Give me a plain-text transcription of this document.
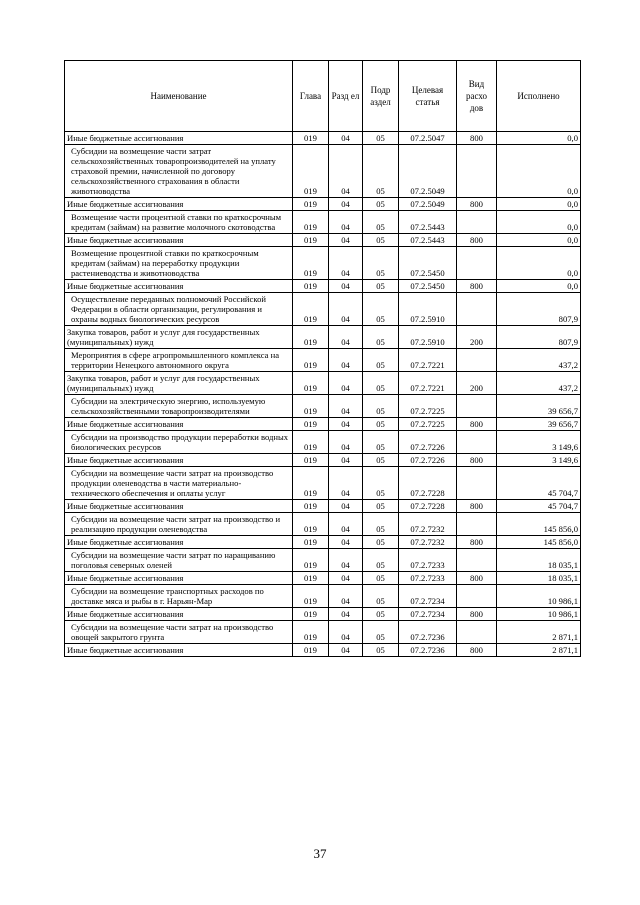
Наименование	Глава	Разд ел	Подр аздел	Целевая статья	Вид расхо дов	Исполнено
Иные бюджетные ассигнования	019	04	05	07.2.5047	800	0,0
Субсидии на возмещение части затрат сельскохозяйственных товаропроизводителей на уплату страховой премии, начисленной по договору сельскохозяйственного страхования в области животноводства	019	04	05	07.2.5049		0,0
Иные бюджетные ассигнования	019	04	05	07.2.5049	800	0,0
Возмещение части процентной ставки по краткосрочным кредитам (займам) на развитие молочного скотоводства	019	04	05	07.2.5443		0,0
Иные бюджетные ассигнования	019	04	05	07.2.5443	800	0,0
Возмещение процентной ставки по краткосрочным кредитам (займам) на переработку продукции растениеводства и животноводства	019	04	05	07.2.5450		0,0
Иные бюджетные ассигнования	019	04	05	07.2.5450	800	0,0
Осуществление переданных полномочий Российской Федерации в области организации, регулирования и охраны водных биологических ресурсов	019	04	05	07.2.5910		807,9
Закупка товаров, работ и услуг для государственных (муниципальных) нужд	019	04	05	07.2.5910	200	807,9
Мероприятия в сфере агропромышленного комплекса на территории Ненецкого автономного округа	019	04	05	07.2.7221		437,2
Закупка товаров, работ и услуг для государственных (муниципальных) нужд	019	04	05	07.2.7221	200	437,2
Субсидии на электрическую энергию, используемую сельскохозяйственными товаропроизводителями	019	04	05	07.2.7225		39 656,7
Иные бюджетные ассигнования	019	04	05	07.2.7225	800	39 656,7
Субсидии на производство продукции переработки водных биологических ресурсов	019	04	05	07.2.7226		3 149,6
Иные бюджетные ассигнования	019	04	05	07.2.7226	800	3 149,6
Субсидии на возмещение части затрат на производство продукции оленеводства в части материально-технического обеспечения и оплаты услуг	019	04	05	07.2.7228		45 704,7
Иные бюджетные ассигнования	019	04	05	07.2.7228	800	45 704,7
Субсидии на возмещение части затрат на производство и реализацию продукции оленеводства	019	04	05	07.2.7232		145 856,0
Иные бюджетные ассигнования	019	04	05	07.2.7232	800	145 856,0
Субсидии на возмещение части затрат по наращиванию поголовья северных оленей	019	04	05	07.2.7233		18 035,1
Иные бюджетные ассигнования	019	04	05	07.2.7233	800	18 035,1
Субсидии на возмещение транспортных расходов по доставке мяса и рыбы в г. Нарьян-Мар	019	04	05	07.2.7234		10 986,1
Иные бюджетные ассигнования	019	04	05	07.2.7234	800	10 986,1
Субсидии на возмещение части затрат на производство овощей закрытого грунта	019	04	05	07.2.7236		2 871,1
Иные бюджетные ассигнования	019	04	05	07.2.7236	800	2 871,1
37
